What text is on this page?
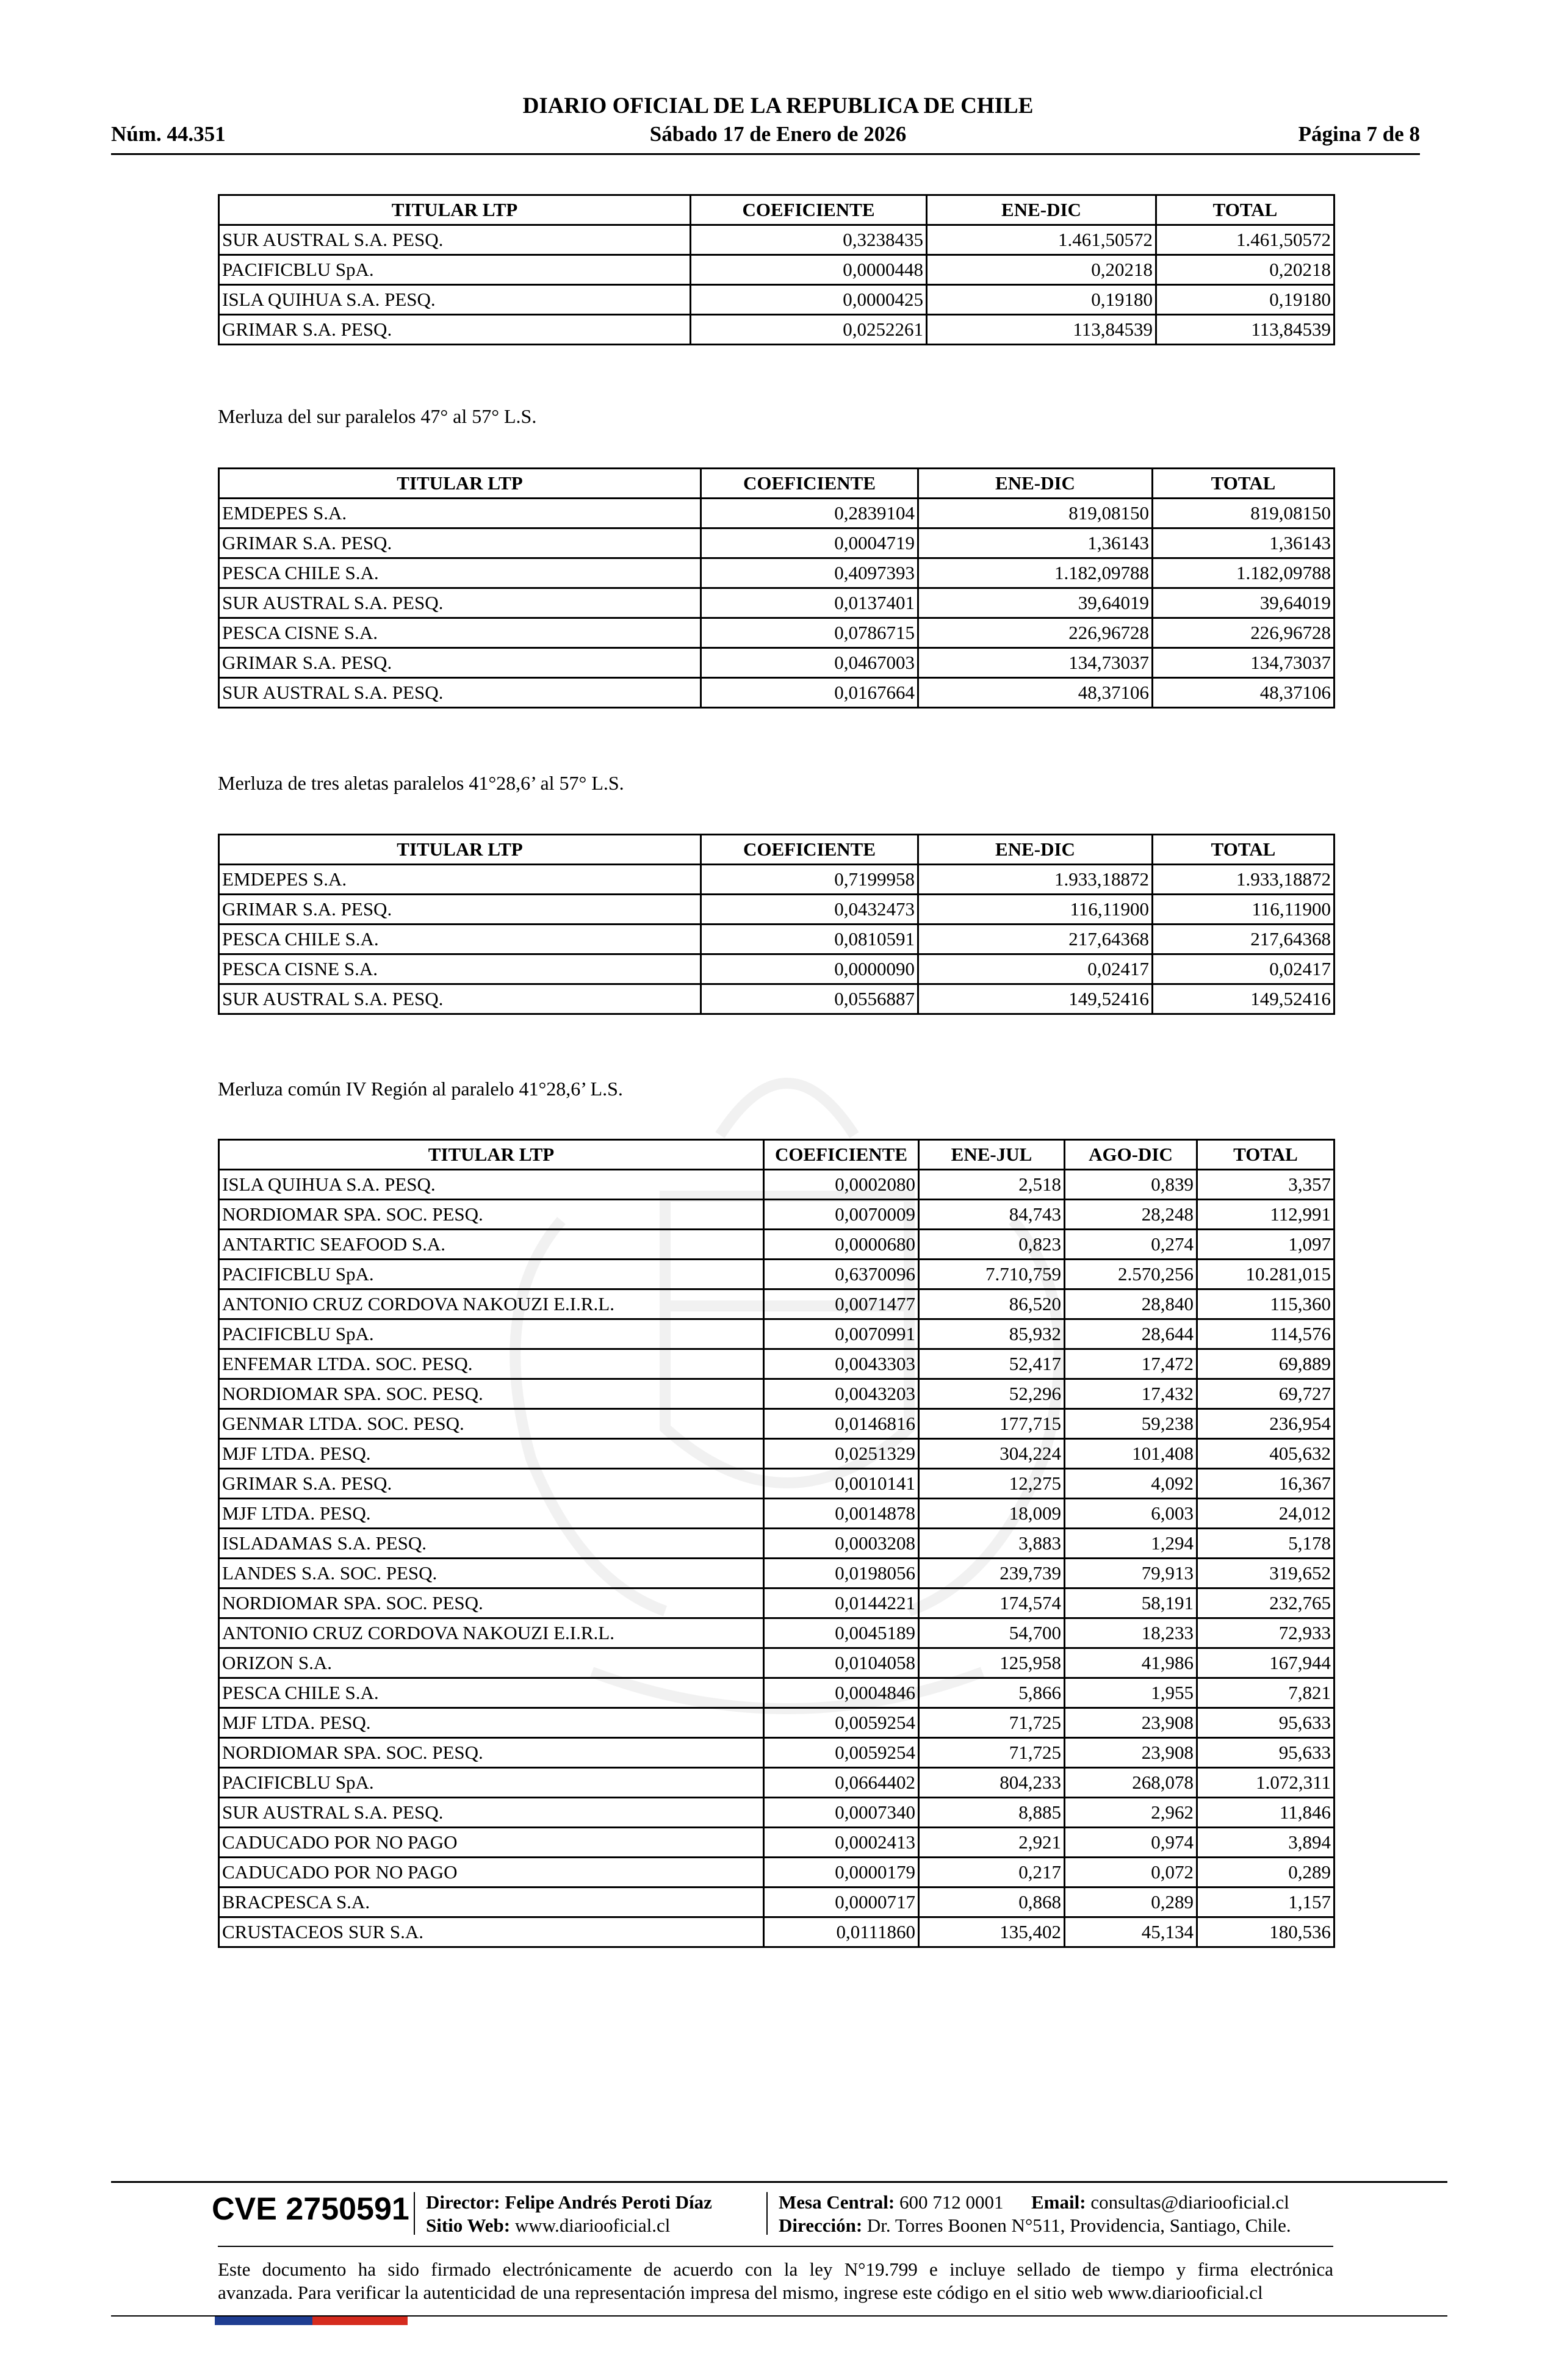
DIARIO OFICIAL DE LA REPUBLICA DE CHILE
Núm. 44.351	Sábado 17 de Enero de 2026	Página 7 de 8
TITULAR LTP	COEFICIENTE	ENE-DIC	TOTAL
SUR AUSTRAL S.A. PESQ.	0,3238435	1.461,50572	1.461,50572
PACIFICBLU SpA.	0,0000448	0,20218	0,20218
ISLA QUIHUA S.A. PESQ.	0,0000425	0,19180	0,19180
GRIMAR S.A. PESQ.	0,0252261	113,84539	113,84539
Merluza del sur paralelos 47° al 57° L.S.
TITULAR LTP	COEFICIENTE	ENE-DIC	TOTAL
EMDEPES S.A.	0,2839104	819,08150	819,08150
GRIMAR S.A. PESQ.	0,0004719	1,36143	1,36143
PESCA CHILE S.A.	0,4097393	1.182,09788	1.182,09788
SUR AUSTRAL S.A. PESQ.	0,0137401	39,64019	39,64019
PESCA CISNE S.A.	0,0786715	226,96728	226,96728
GRIMAR S.A. PESQ.	0,0467003	134,73037	134,73037
SUR AUSTRAL S.A. PESQ.	0,0167664	48,37106	48,37106
Merluza de tres aletas paralelos 41°28,6’ al 57° L.S.
TITULAR LTP	COEFICIENTE	ENE-DIC	TOTAL
EMDEPES S.A.	0,7199958	1.933,18872	1.933,18872
GRIMAR S.A. PESQ.	0,0432473	116,11900	116,11900
PESCA CHILE S.A.	0,0810591	217,64368	217,64368
PESCA CISNE S.A.	0,0000090	0,02417	0,02417
SUR AUSTRAL S.A. PESQ.	0,0556887	149,52416	149,52416
Merluza común IV Región al paralelo 41°28,6’ L.S.
TITULAR LTP	COEFICIENTE	ENE-JUL	AGO-DIC	TOTAL
ISLA QUIHUA S.A. PESQ.	0,0002080	2,518	0,839	3,357
NORDIOMAR SPA. SOC. PESQ.	0,0070009	84,743	28,248	112,991
ANTARTIC SEAFOOD S.A.	0,0000680	0,823	0,274	1,097
PACIFICBLU SpA.	0,6370096	7.710,759	2.570,256	10.281,015
ANTONIO CRUZ CORDOVA NAKOUZI E.I.R.L.	0,0071477	86,520	28,840	115,360
PACIFICBLU SpA.	0,0070991	85,932	28,644	114,576
ENFEMAR LTDA. SOC. PESQ.	0,0043303	52,417	17,472	69,889
NORDIOMAR SPA. SOC. PESQ.	0,0043203	52,296	17,432	69,727
GENMAR LTDA. SOC. PESQ.	0,0146816	177,715	59,238	236,954
MJF LTDA. PESQ.	0,0251329	304,224	101,408	405,632
GRIMAR S.A. PESQ.	0,0010141	12,275	4,092	16,367
MJF LTDA. PESQ.	0,0014878	18,009	6,003	24,012
ISLADAMAS S.A. PESQ.	0,0003208	3,883	1,294	5,178
LANDES S.A. SOC. PESQ.	0,0198056	239,739	79,913	319,652
NORDIOMAR SPA. SOC. PESQ.	0,0144221	174,574	58,191	232,765
ANTONIO CRUZ CORDOVA NAKOUZI E.I.R.L.	0,0045189	54,700	18,233	72,933
ORIZON S.A.	0,0104058	125,958	41,986	167,944
PESCA CHILE S.A.	0,0004846	5,866	1,955	7,821
MJF LTDA. PESQ.	0,0059254	71,725	23,908	95,633
NORDIOMAR SPA. SOC. PESQ.	0,0059254	71,725	23,908	95,633
PACIFICBLU SpA.	0,0664402	804,233	268,078	1.072,311
SUR AUSTRAL S.A. PESQ.	0,0007340	8,885	2,962	11,846
CADUCADO POR NO PAGO	0,0002413	2,921	0,974	3,894
CADUCADO POR NO PAGO	0,0000179	0,217	0,072	0,289
BRACPESCA S.A.	0,0000717	0,868	0,289	1,157
CRUSTACEOS SUR S.A.	0,0111860	135,402	45,134	180,536
CVE 2750591 Director: Felipe Andrés Peroti Díaz
Sitio Web: www.diariooficial.cl
Mesa Central: 600 712 0001 Email: consultas@diariooficial.cl
Dirección: Dr. Torres Boonen N°511, Providencia, Santiago, Chile.
Este documento ha sido firmado electrónicamente de acuerdo con la ley N°19.799 e incluye sellado de tiempo y firma electrónica
avanzada. Para verificar la autenticidad de una representación impresa del mismo, ingrese este código en el sitio web www.diariooficial.cl
